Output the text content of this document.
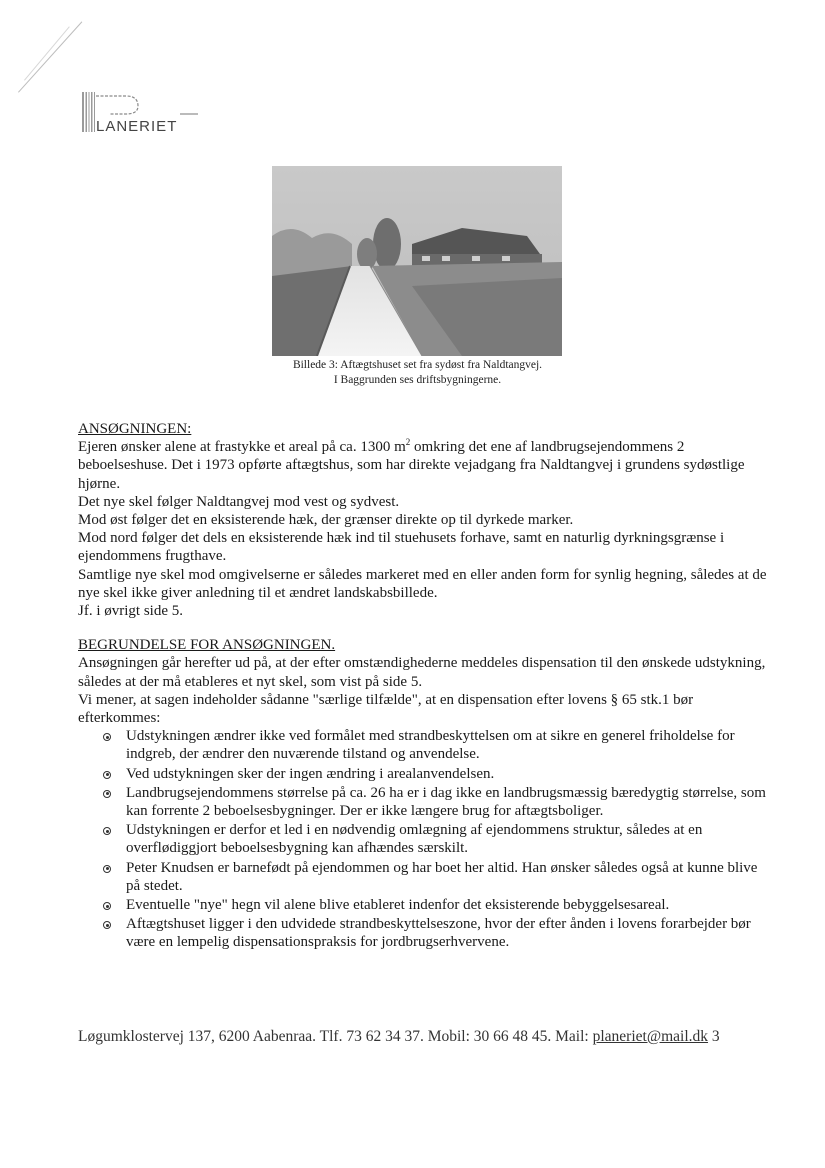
LANERIET
Billede 3: Aftægtshuset set fra sydøst fra Naldtangvej.
I Baggrunden ses driftsbygningerne.

ANSØGNINGEN:

Ejeren ønsker alene at frastykke et areal på ca. 1300 $m^2$ omkring det ene af landbrugsejendommens 2 beboelseshuse. Det i 1973 opførte aftægtshus, som har direkte vejadgang fra Naldtangvej i grundens sydøstlige hjørne.

Det nye skel følger Naldtangvej mod vest og sydvest.

Mod øst følger det en eksisterende hæk, der grænser direkte op til dyrkede marker.

Mod nord følger det dels en eksisterende hæk ind til stuehusets forhave, samt en naturlig dyrkningsgrænse i ejendommens frugthave.

Samtlige nye skel mod omgivelserne er således markeret med en eller anden form for synlig hegning, således at de nye skel ikke giver anledning til et ændret landskabsbillede.

Jf. i øvrigt side 5.

BEGRUNDELSE FOR ANSØGNINGEN.

Ansøgningen går herefter ud på, at der efter omstændighederne meddeles dispensation til den ønskede udstykning, således at der må etableres et nyt skel, som vist på side 5.

Vi mener, at sagen indeholder sådanne "særlige tilfælde", at en dispensation efter lovens § 65 stk.1 bør efterkommes:

Udstykningen ændrer ikke ved formålet med strandbeskyttelsen om at sikre en generel friholdelse for indgreb, der ændrer den nuværende tilstand og anvendelse.
Ved udstykningen sker der ingen ændring i arealanvendelsen.
Landbrugsejendommens størrelse på ca. 26 ha er i dag ikke en landbrugsmæssig bæredygtig størrelse, som kan forrente 2 beboelsesbygninger. Der er ikke længere brug for aftægtsboliger.
Udstykningen er derfor et led i en nødvendig omlægning af ejendommens struktur, således at en overflødiggjort beboelsesbygning kan afhændes særskilt.
Peter Knudsen er barnefødt på ejendommen og har boet her altid. Han ønsker således også at kunne blive på stedet.
Eventuelle "nye" hegn vil alene blive etableret indenfor det eksisterende bebyggelsesareal.
Aftægtshuset ligger i den udvidede strandbeskyttelseszone, hvor der efter ånden i lovens forarbejder bør være en lempelig dispensationspraksis for jordbrugserhvervene.
Løgumklostervej 137, 6200 Aabenraa. Tlf. 73 62 34 37. Mobil: 30 66 48 45. Mail: planeriet@mail.dk 3
